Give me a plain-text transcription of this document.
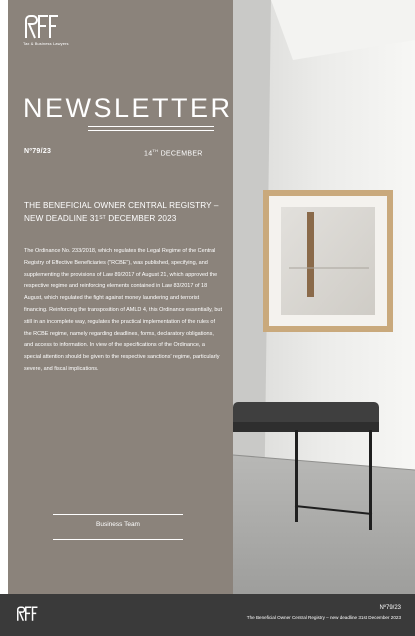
Tax & Business Lawyers
NEWSLETTER
Nº79/23	14TH DECEMBER
THE BENEFICIAL OWNER CENTRAL REGISTRY –
NEW DEADLINE 31ST DECEMBER 2023
The Ordinance No. 233/2018, which regulates the Legal Regime of the Central Registry of Effective Beneficiaries ("RCBE"), was published, specifying, and supplementing the provisions of Law 89/2017 of August 21, which approved the respective regime and reinforcing elements contained in Law 83/2017 of 18 August, which regulated the fight against money laundering and terrorist financing. Reinforcing the transposition of AMLD 4, this Ordinance essentially, but still in an incomplete way, regulates the practical implementation of the rules of the RCBE regime, namely regarding deadlines, forms, declaratory obligations, and access to information. In view of the specifications of the Ordinance, a special attention should be given to the respective sanctions' regime, particularly severe, and fiscal implications.
Business Team
Nº79/23
The Beneficial Owner Central Registry – new deadline 31st December 2023
